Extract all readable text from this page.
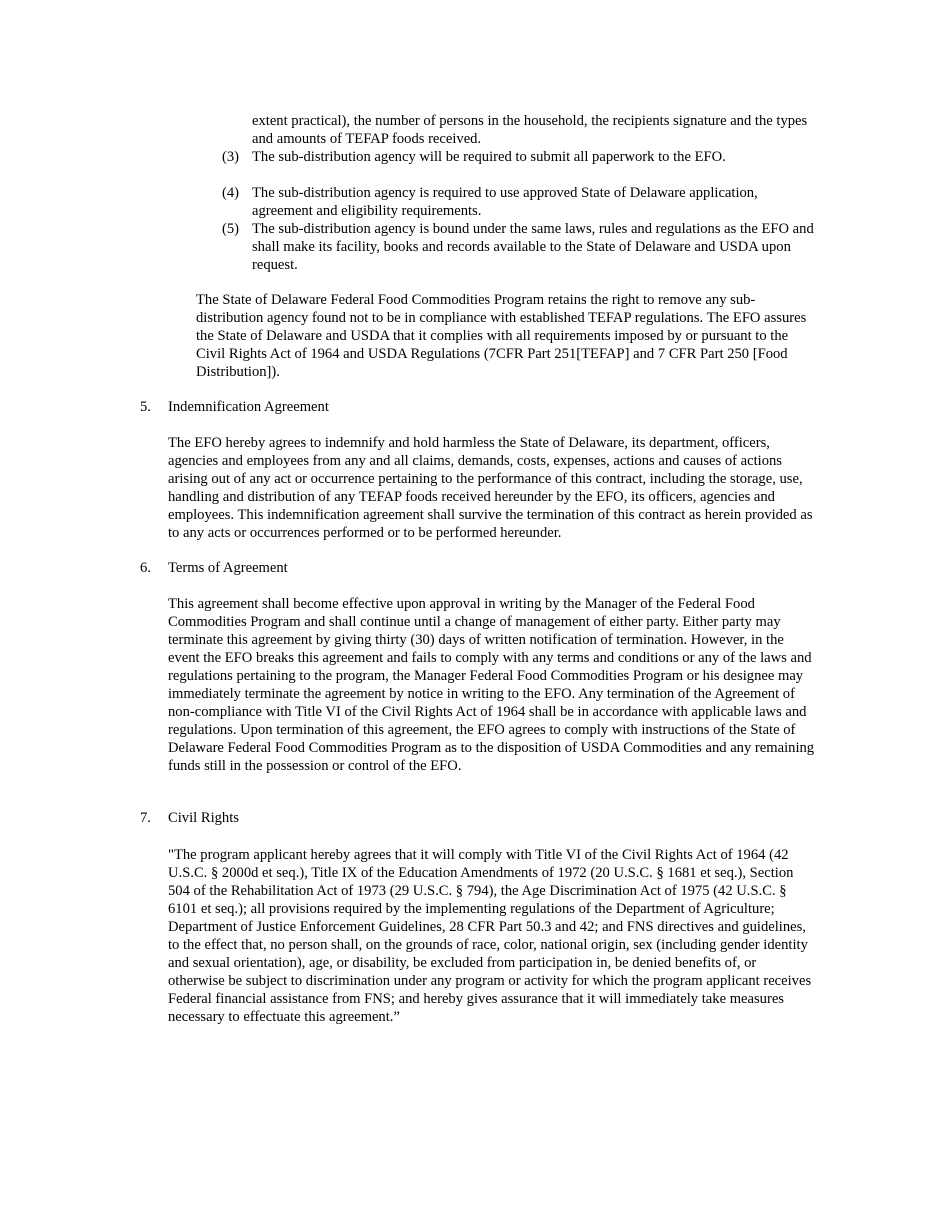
extent practical), the number of persons in the household, the recipients signature and the types and amounts of TEFAP foods received.

(3) The sub-distribution agency will be required to submit all paperwork to the EFO.
(4) The sub-distribution agency is required to use approved State of Delaware application, agreement and eligibility requirements.
(5) The sub-distribution agency is bound under the same laws, rules and regulations as the EFO and shall make its facility, books and records available to the State of Delaware and USDA upon request.

The State of Delaware Federal Food Commodities Program retains the right to remove any sub-distribution agency found not to be in compliance with established TEFAP regulations. The EFO assures the State of Delaware and USDA that it complies with all requirements imposed by or pursuant to the Civil Rights Act of 1964 and USDA Regulations (7CFR Part 251[TEFAP] and 7 CFR Part 250 [Food Distribution]).

5. Indemnification Agreement

The EFO hereby agrees to indemnify and hold harmless the State of Delaware, its department, officers, agencies and employees from any and all claims, demands, costs, expenses, actions and causes of actions arising out of any act or occurrence pertaining to the performance of this contract, including the storage, use, handling and distribution of any TEFAP foods received hereunder by the EFO, its officers, agencies and employees. This indemnification agreement shall survive the termination of this contract as herein provided as to any acts or occurrences performed or to be performed hereunder.

6. Terms of Agreement

This agreement shall become effective upon approval in writing by the Manager of the Federal Food Commodities Program and shall continue until a change of management of either party. Either party may terminate this agreement by giving thirty (30) days of written notification of termination. However, in the event the EFO breaks this agreement and fails to comply with any terms and conditions or any of the laws and regulations pertaining to the program, the Manager Federal Food Commodities Program or his designee may immediately terminate the agreement by notice in writing to the EFO. Any termination of the Agreement of non-compliance with Title VI of the Civil Rights Act of 1964 shall be in accordance with applicable laws and regulations. Upon termination of this agreement, the EFO agrees to comply with instructions of the State of Delaware Federal Food Commodities Program as to the disposition of USDA Commodities and any remaining funds still in the possession or control of the EFO.

7. Civil Rights

"The program applicant hereby agrees that it will comply with Title VI of the Civil Rights Act of 1964 (42 U.S.C. § 2000d et seq.), Title IX of the Education Amendments of 1972 (20 U.S.C. § 1681 et seq.), Section 504 of the Rehabilitation Act of 1973 (29 U.S.C. § 794), the Age Discrimination Act of 1975 (42 U.S.C. § 6101 et seq.); all provisions required by the implementing regulations of the Department of Agriculture; Department of Justice Enforcement Guidelines, 28 CFR Part 50.3 and 42; and FNS directives and guidelines, to the effect that, no person shall, on the grounds of race, color, national origin, sex (including gender identity and sexual orientation), age, or disability, be excluded from participation in, be denied benefits of, or otherwise be subject to discrimination under any program or activity for which the program applicant receives Federal financial assistance from FNS; and hereby gives assurance that it will immediately take measures necessary to effectuate this agreement.”
